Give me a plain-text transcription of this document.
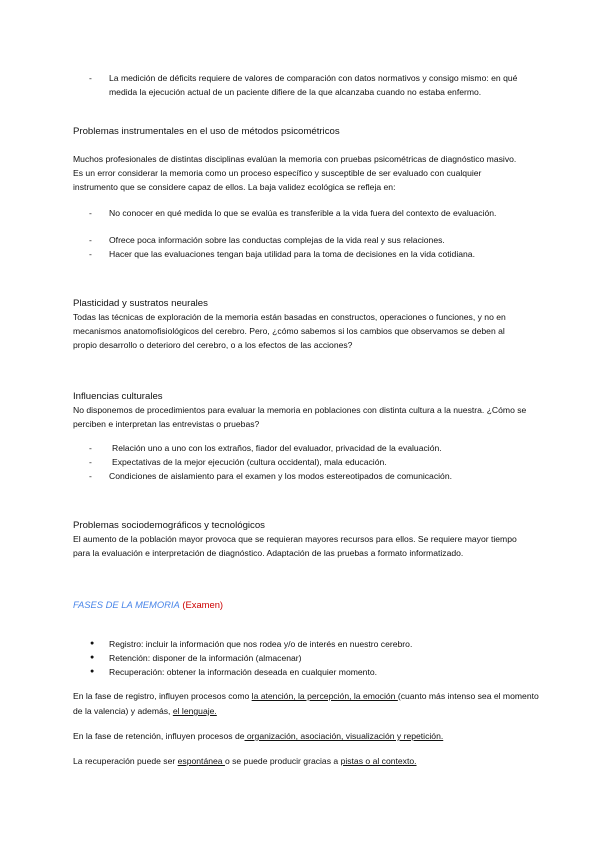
- La medición de déficits requiere de valores de comparación con datos normativos y consigo mismo: en qué medida la ejecución actual de un paciente difiere de la que alcanzaba cuando no estaba enfermo.
Problemas instrumentales en el uso de métodos psicométricos
Muchos profesionales de distintas disciplinas evalúan la memoria con pruebas psicométricas de diagnóstico masivo. Es un error considerar la memoria como un proceso específico y susceptible de ser evaluado con cualquier instrumento que se considere capaz de ellos. La baja validez ecológica se refleja en:
- No conocer en qué medida lo que se evalúa es transferible a la vida fuera del contexto de evaluación.
- Ofrece poca información sobre las conductas complejas de la vida real y sus relaciones.
- Hacer que las evaluaciones tengan baja utilidad para la toma de decisiones en la vida cotidiana.
Plasticidad y sustratos neurales
Todas las técnicas de exploración de la memoria están basadas en constructos, operaciones o funciones, y no en mecanismos anatomofisiológicos del cerebro. Pero, ¿cómo sabemos si los cambios que observamos se deben al propio desarrollo o deterioro del cerebro, o a los efectos de las acciones?
Influencias culturales
No disponemos de procedimientos para evaluar la memoria en poblaciones con distinta cultura a la nuestra. ¿Cómo se perciben e interpretan las entrevistas o pruebas?
- Relación uno a uno con los extraños, fiador del evaluador, privacidad de la evaluación.
- Expectativas de la mejor ejecución (cultura occidental), mala educación.
- Condiciones de aislamiento para el examen y los modos estereotipados de comunicación.
Problemas sociodemográficos y tecnológicos
El aumento de la población mayor provoca que se requieran mayores recursos para ellos. Se requiere mayor tiempo para la evaluación e interpretación de diagnóstico. Adaptación de las pruebas a formato informatizado.
FASES DE LA MEMORIA (Examen)
● Registro: incluir la información que nos rodea y/o de interés en nuestro cerebro.
● Retención: disponer de la información (almacenar)
● Recuperación: obtener la información deseada en cualquier momento.
En la fase de registro, influyen procesos como la atención, la percepción, la emoción (cuanto más intenso sea el momento de la valencia) y además, el lenguaje.
En la fase de retención, influyen procesos de organización, asociación, visualización y repetición.
La recuperación puede ser espontánea o se puede producir gracias a pistas o al contexto.
